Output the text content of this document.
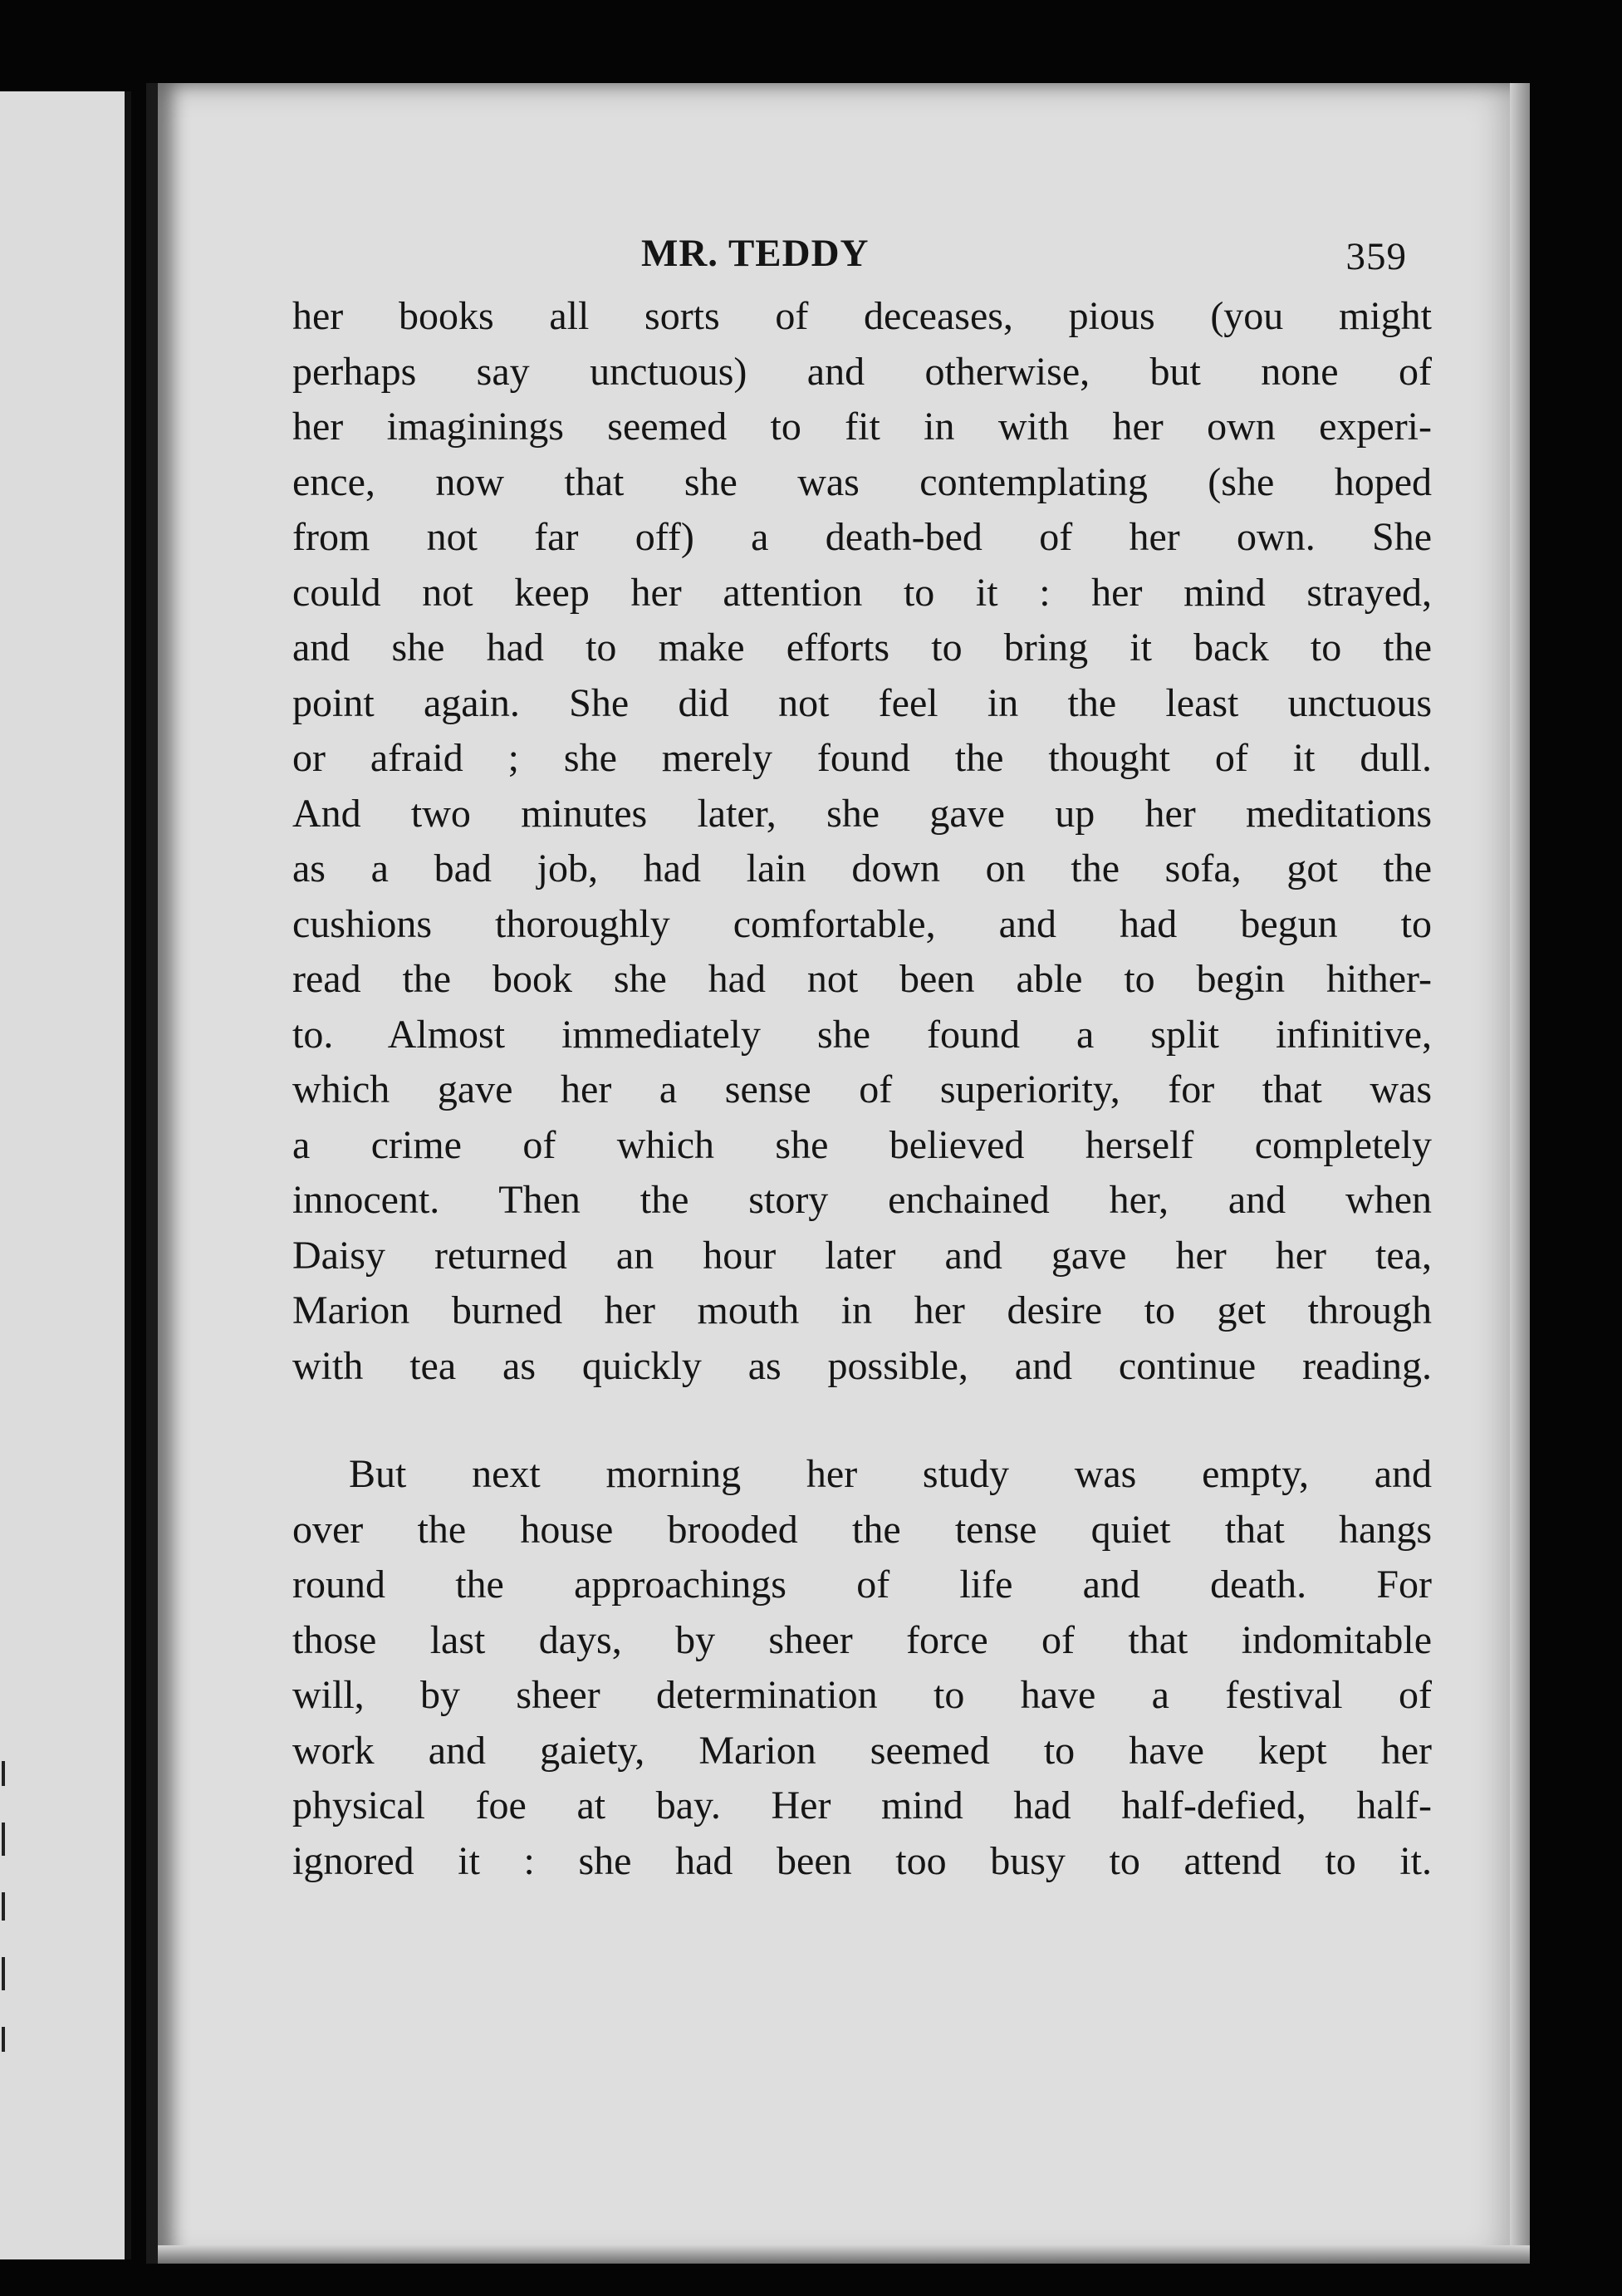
MR. TEDDY	359
her books all sorts of deceases, pious (you might
perhaps say unctuous) and otherwise, but none of
her imaginings seemed to fit in with her own experi-
ence, now that she was contemplating (she hoped
from not far off) a death-bed of her own. She
could not keep her attention to it : her mind strayed,
and she had to make efforts to bring it back to the
point again. She did not feel in the least unctuous
or afraid ; she merely found the thought of it dull.
And two minutes later, she gave up her meditations
as a bad job, had lain down on the sofa, got the
cushions thoroughly comfortable, and had begun to
read the book she had not been able to begin hither-
to. Almost immediately she found a split infinitive,
which gave her a sense of superiority, for that was
a crime of which she believed herself completely
innocent. Then the story enchained her, and when
Daisy returned an hour later and gave her her tea,
Marion burned her mouth in her desire to get through
with tea as quickly as possible, and continue reading.
But next morning her study was empty, and
over the house brooded the tense quiet that hangs
round the approachings of life and death. For
those last days, by sheer force of that indomitable
will, by sheer determination to have a festival of
work and gaiety, Marion seemed to have kept her
physical foe at bay. Her mind had half-defied, half-
ignored it : she had been too busy to attend to it.
